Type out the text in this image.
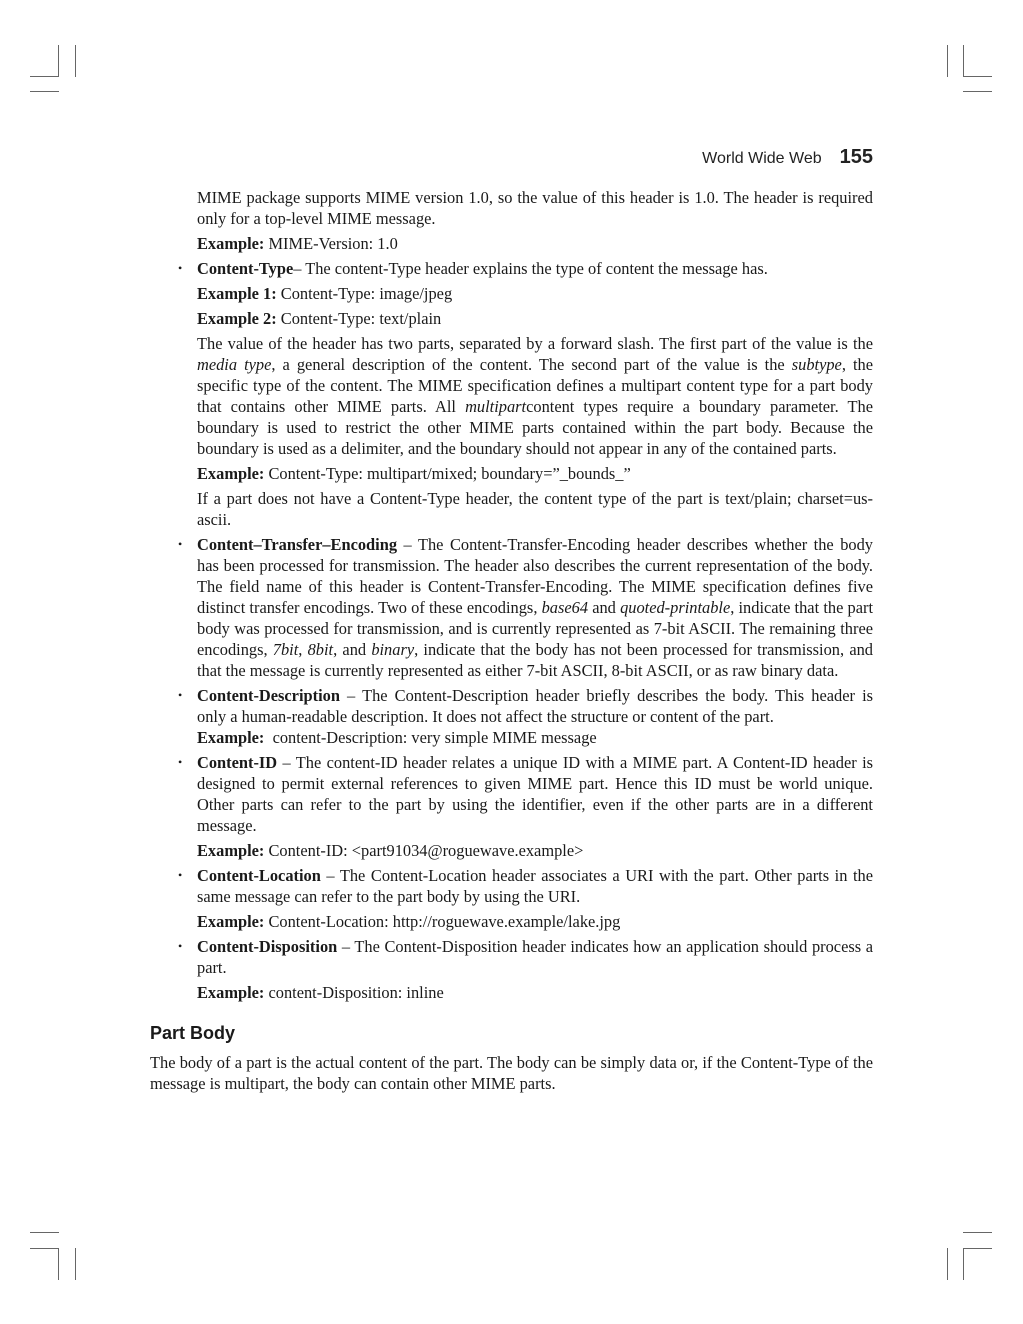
World Wide Web 155

MIME package supports MIME version 1.0, so the value of this header is 1.0. The header is required only for a top-level MIME message.

Example: MIME-Version: 1.0

• Content-Type– The content-Type header explains the type of content the message has.

Example 1: Content-Type: image/jpeg

Example 2: Content-Type: text/plain

The value of the header has two parts, separated by a forward slash. The first part of the value is the media type, a general description of the content. The second part of the value is the subtype, the specific type of the content. The MIME specification defines a multipart content type for a part body that contains other MIME parts. All multipartcontent types require a boundary parameter. The boundary is used to restrict the other MIME parts contained within the part body. Because the boundary is used as a delimiter, and the boundary should not appear in any of the contained parts.

Example: Content-Type: multipart/mixed; boundary=”_bounds_”

If a part does not have a Content-Type header, the content type of the part is text/plain; charset=us-ascii.

• Content–Transfer–Encoding – The Content-Transfer-Encoding header describes whether the body has been processed for transmission. The header also describes the current representation of the body. The field name of this header is Content-Transfer-Encoding. The MIME specification defines five distinct transfer encodings. Two of these encodings, base64 and quoted-printable, indicate that the part body was processed for transmission, and is currently represented as 7-bit ASCII. The remaining three encodings, 7bit, 8bit, and binary, indicate that the body has not been processed for transmission, and that the message is currently represented as either 7-bit ASCII, 8-bit ASCII, or as raw binary data.

• Content-Description – The Content-Description header briefly describes the body. This header is only a human-readable description. It does not affect the structure or content of the part.

Example:  content-Description: very simple MIME message

• Content-ID – The content-ID header relates a unique ID with a MIME part. A Content-ID header is designed to permit external references to given MIME part. Hence this ID must be world unique. Other parts can refer to the part by using the identifier, even if the other parts are in a different message.

Example: Content-ID: <part91034@roguewave.example>

• Content-Location – The Content-Location header associates a URI with the part. Other parts in the same message can refer to the part body by using the URI.

Example: Content-Location: http://roguewave.example/lake.jpg

• Content-Disposition – The Content-Disposition header indicates how an application should process a part.

Example: content-Disposition: inline

Part Body

The body of a part is the actual content of the part. The body can be simply data or, if the Content-Type of the message is multipart, the body can contain other MIME parts.
